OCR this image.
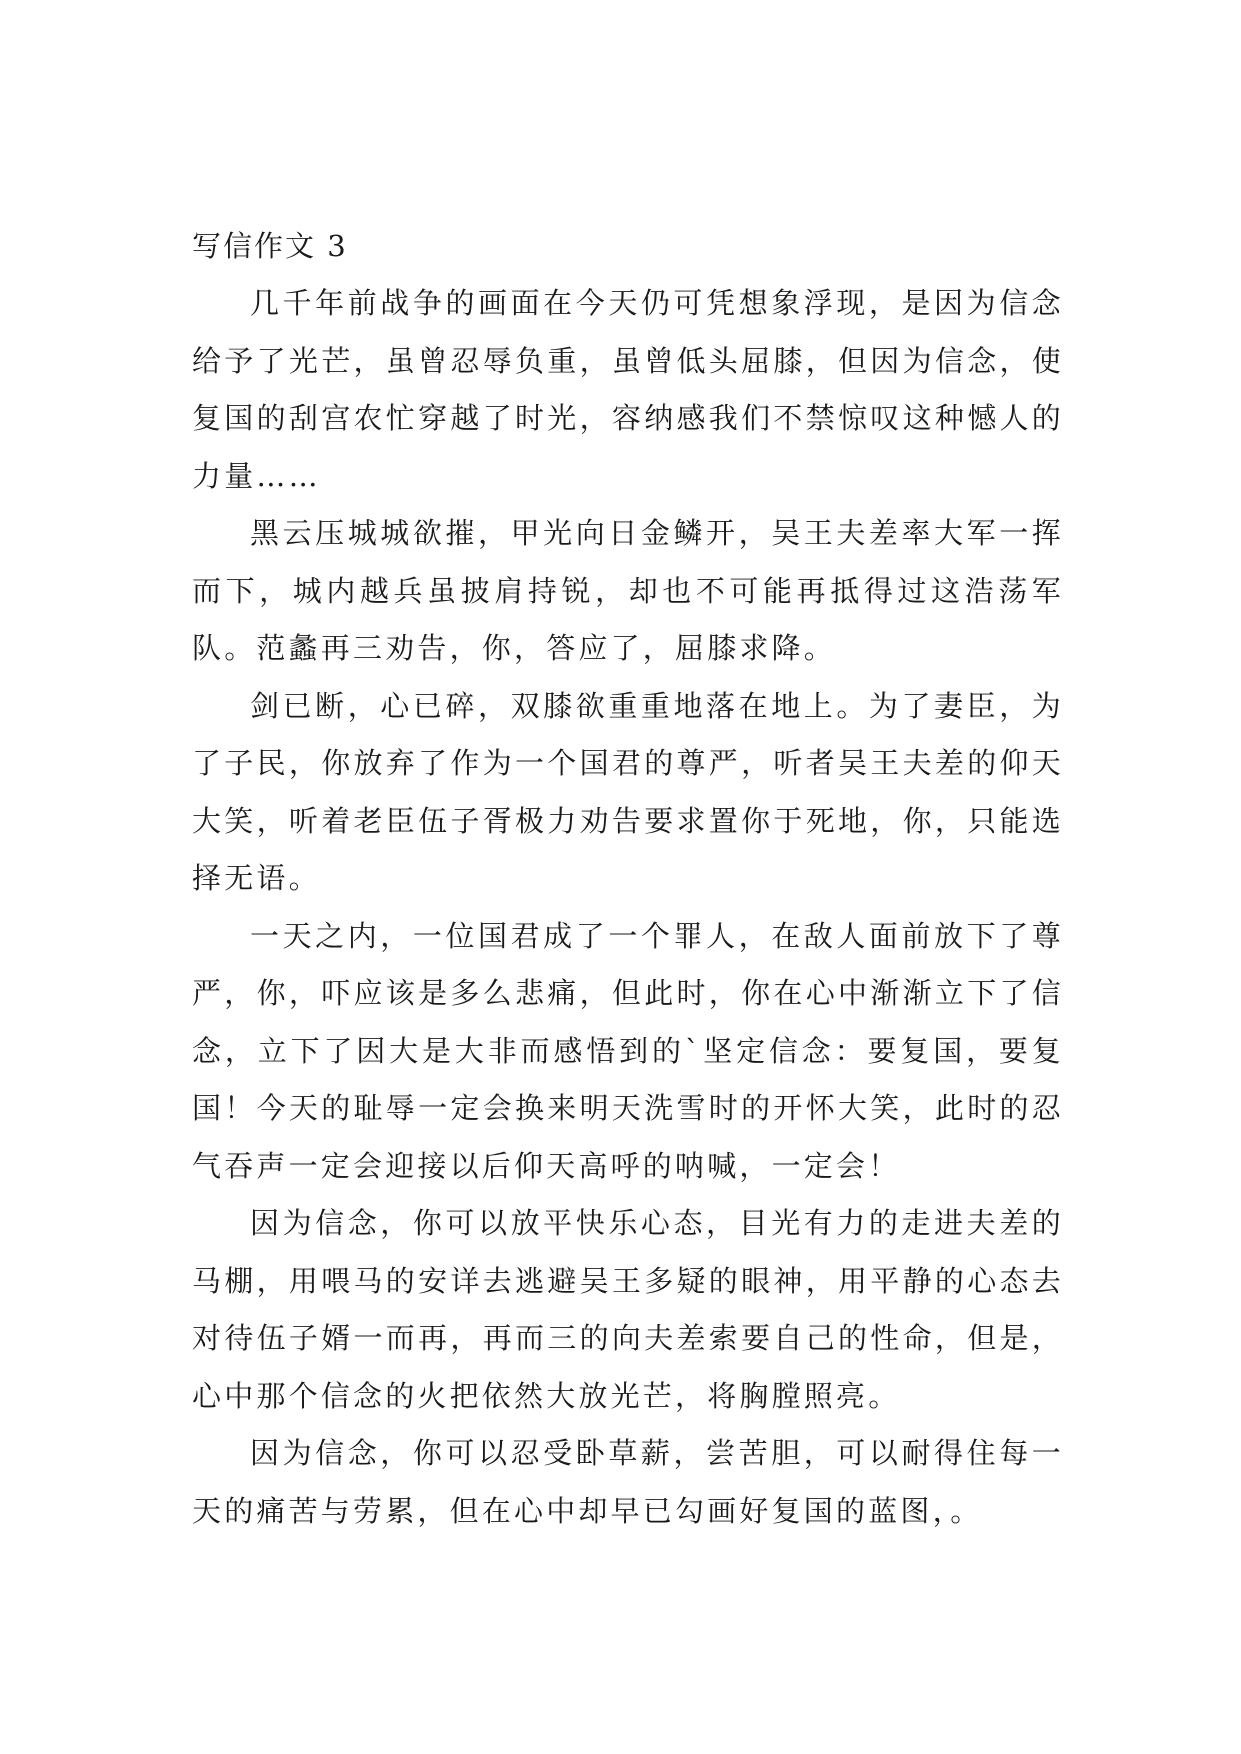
写信作文 3

几千年前战争的画面在今天仍可凭想象浮现，是因为信念给予了光芒，虽曾忍辱负重，虽曾低头屈膝，但因为信念，使复国的刮宫农忙穿越了时光，容纳感我们不禁惊叹这种憾人的力量……

黑云压城城欲摧，甲光向日金鳞开，吴王夫差率大军一挥而下，城内越兵虽披肩持锐，却也不可能再抵得过这浩荡军队。范蠡再三劝告，你，答应了，屈膝求降。

剑已断，心已碎，双膝欲重重地落在地上。为了妻臣，为了子民，你放弃了作为一个国君的尊严，听者吴王夫差的仰天大笑，听着老臣伍子胥极力劝告要求置你于死地，你，只能选择无语。

一天之内，一位国君成了一个罪人，在敌人面前放下了尊严，你，吓应该是多么悲痛，但此时，你在心中渐渐立下了信念，立下了因大是大非而感悟到的`坚定信念：要复国，要复国！今天的耻辱一定会换来明天洗雪时的开怀大笑，此时的忍气吞声一定会迎接以后仰天高呼的呐喊，一定会！

因为信念，你可以放平快乐心态，目光有力的走进夫差的马棚，用喂马的安详去逃避吴王多疑的眼神，用平静的心态去对待伍子婿一而再，再而三的向夫差索要自己的性命，但是，心中那个信念的火把依然大放光芒，将胸膛照亮。

因为信念，你可以忍受卧草薪，尝苦胆，可以耐得住每一天的痛苦与劳累，但在心中却早已勾画好复国的蓝图，。
